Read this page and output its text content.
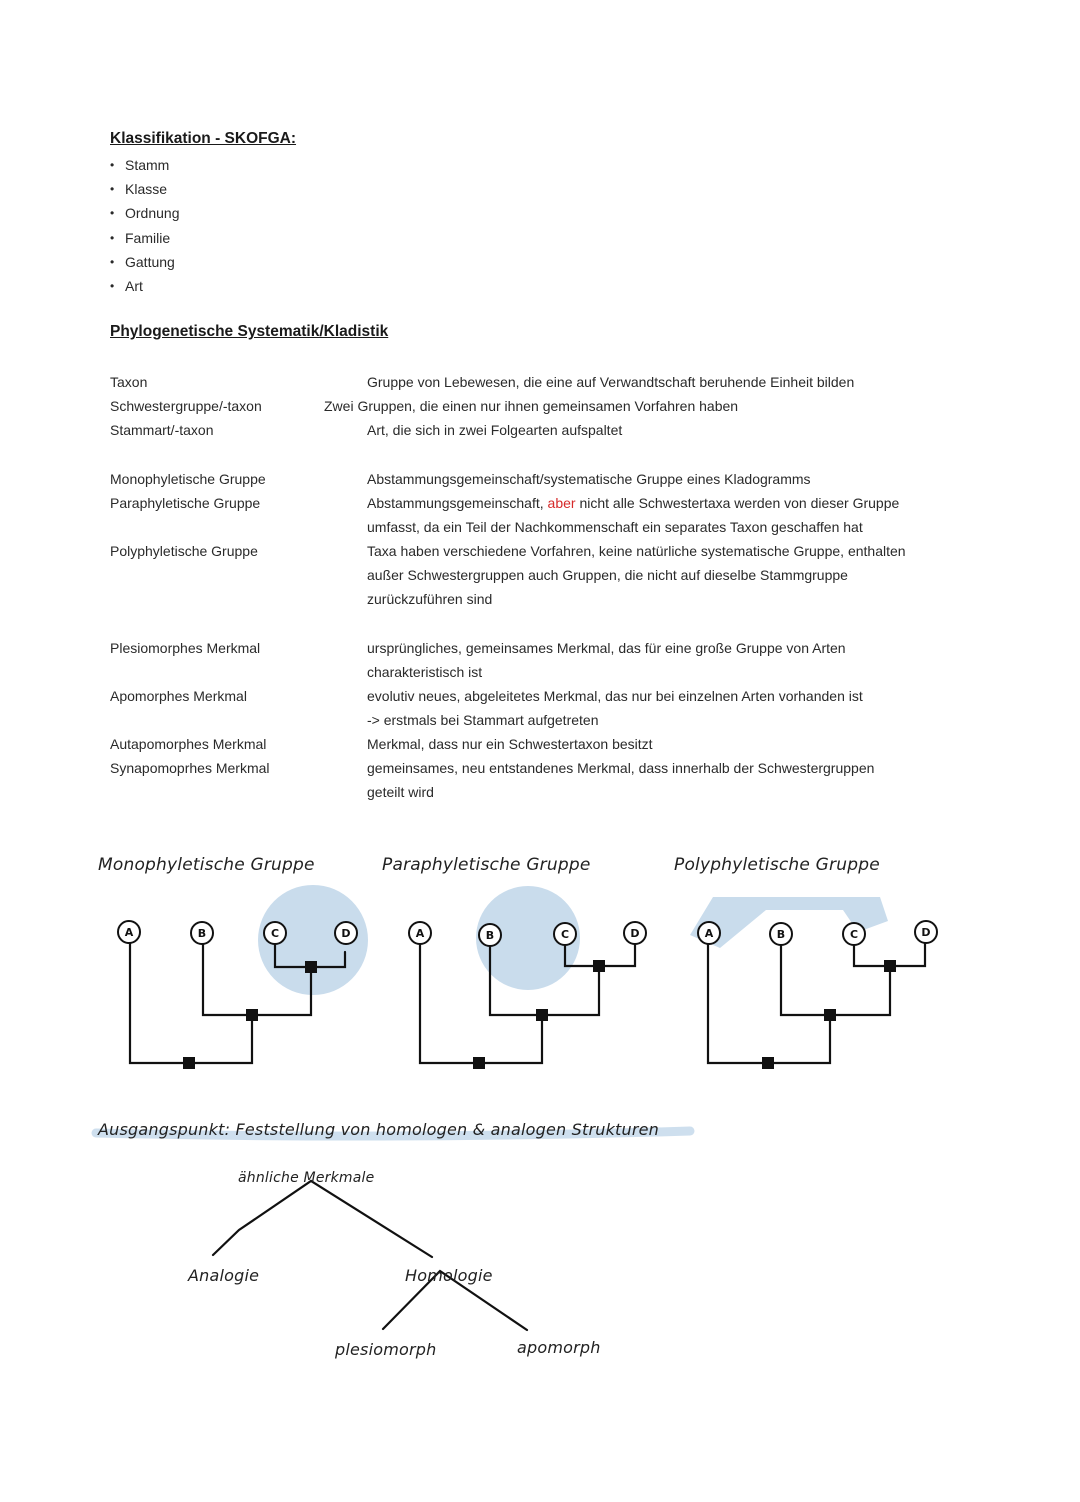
Klassifikation - SKOFGA:
• Stamm
• Klasse
• Ordnung
• Familie
• Gattung
• Art
Phylogenetische Systematik/Kladistik

Taxon	Gruppe von Lebewesen, die eine auf Verwandtschaft beruhende Einheit bilden

Schwestergruppe/-taxon	Zwei Gruppen, die einen nur ihnen gemeinsamen Vorfahren haben

Stammart/-taxon	Art, die sich in zwei Folgearten aufspaltet

Monophyletische Gruppe	Abstammungsgemeinschaft/systematische Gruppe eines Kladogramms

Paraphyletische Gruppe	Abstammungsgemeinschaft, aber nicht alle Schwestertaxa werden von dieser Gruppe

umfasst, da ein Teil der Nachkommenschaft ein separates Taxon geschaffen hat

Polyphyletische Gruppe	Taxa haben verschiedene Vorfahren, keine natürliche systematische Gruppe, enthalten

außer Schwestergruppen auch Gruppen, die nicht auf dieselbe Stammgruppe

zurückzuführen sind

Plesiomorphes Merkmal	ursprüngliches, gemeinsames Merkmal, das für eine große Gruppe von Arten

charakteristisch ist

Apomorphes Merkmal	evolutiv neues, abgeleitetes Merkmal, das nur bei einzelnen Arten vorhanden ist

-> erstmals bei Stammart aufgetreten

Autapomorphes Merkmal	Merkmal, dass nur ein Schwestertaxon besitzt

Synapomoprhes Merkmal	gemeinsames, neu entstandenes Merkmal, dass innerhalb der Schwestergruppen

geteilt wird

Monophyletische Gruppe	Paraphyletische Gruppe	Polyphyletische Gruppe

A	B	C	D	A	B	C	D	A	B	C	D

Ausgangspunkt: Feststellung von homologen & analogen Strukturen

ähnliche Merkmale

Analogie	Homologie

plesiomorph	apomorph
